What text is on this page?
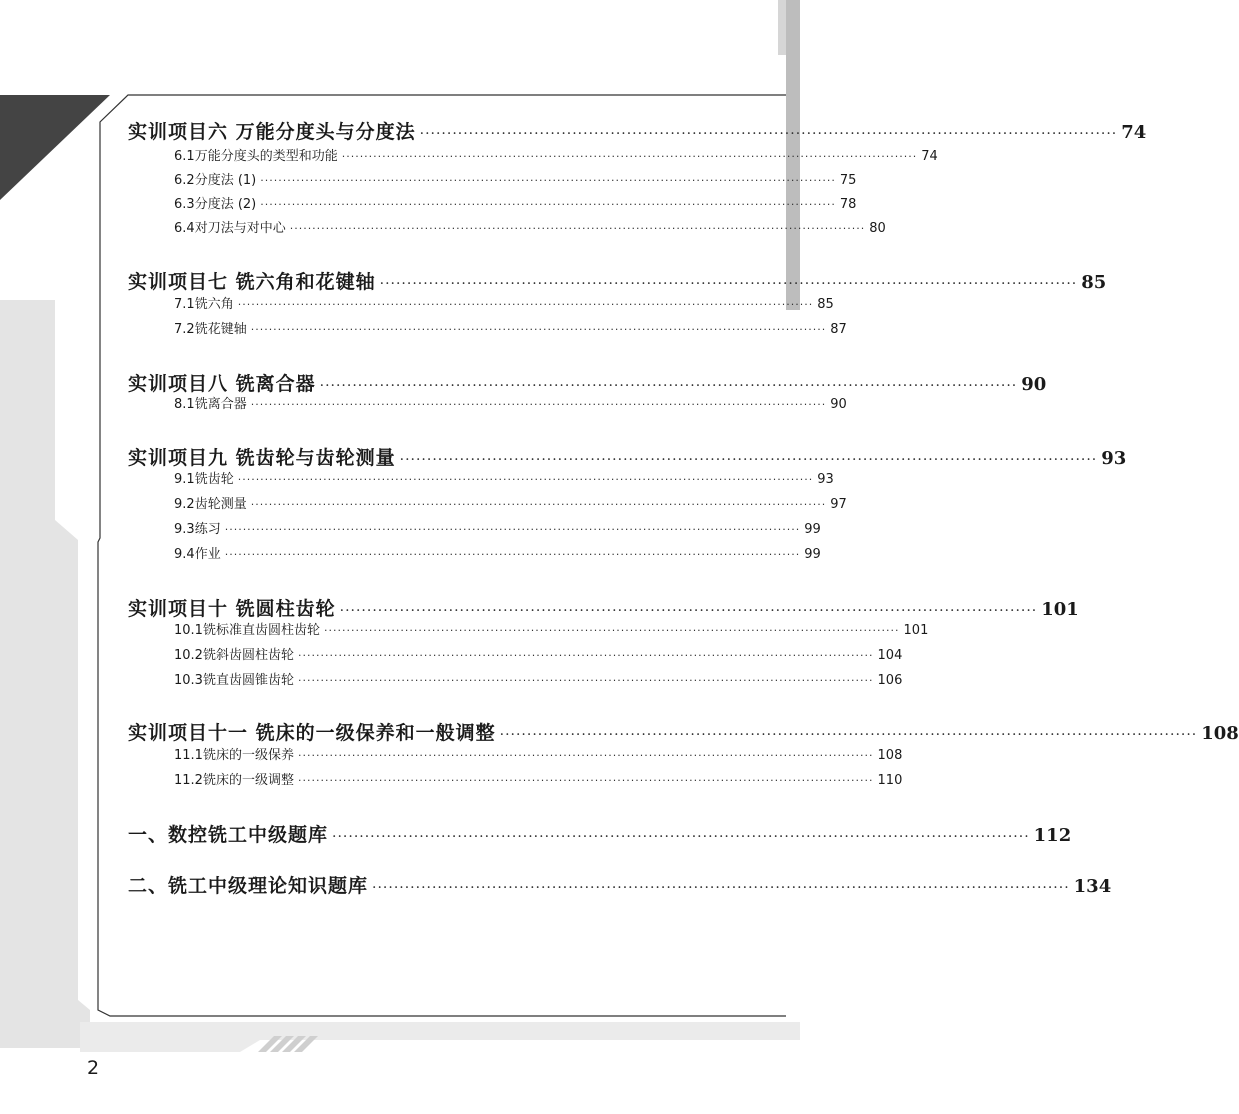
实训项目六 万能分度头与分度法 ································································································································ 74
6.1 万能分度头的类型和功能 ································································································································ 74
6.2 分度法 (1) ································································································································ 75
6.3 分度法 (2) ································································································································ 78
6.4 对刀法与对中心 ································································································································ 80
实训项目七 铣六角和花键轴 ································································································································ 85
7.1 铣六角 ································································································································ 85
7.2 铣花键轴 ································································································································ 87
实训项目八 铣离合器 ································································································································ 90
8.1 铣离合器 ································································································································ 90
实训项目九 铣齿轮与齿轮测量 ································································································································ 93
9.1 铣齿轮 ································································································································ 93
9.2 齿轮测量 ································································································································ 97
9.3 练习 ································································································································ 99
9.4 作业 ································································································································ 99
实训项目十 铣圆柱齿轮 ································································································································ 101
10.1 铣标准直齿圆柱齿轮 ································································································································ 101
10.2 铣斜齿圆柱齿轮 ································································································································ 104
10.3 铣直齿圆锥齿轮 ································································································································ 106
实训项目十一 铣床的一级保养和一般调整 ································································································································ 108
11.1 铣床的一级保养 ································································································································ 108
11.2 铣床的一级调整 ································································································································ 110
一、数控铣工中级题库 ································································································································ 112
二、铣工中级理论知识题库 ································································································································ 134
2
